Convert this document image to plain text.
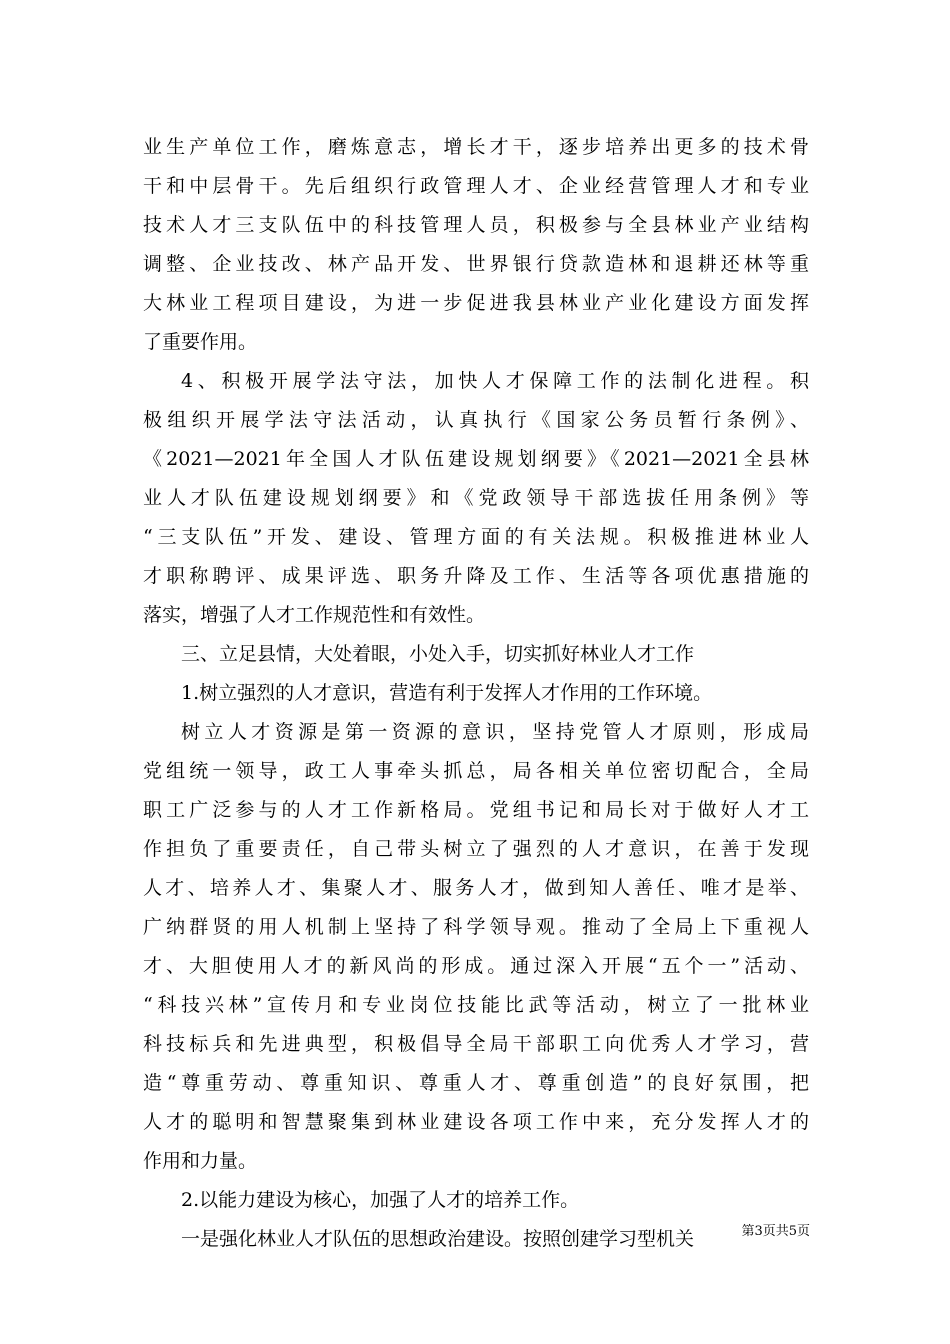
业生产单位工作，磨炼意志，增长才干，逐步培养出更多的技术骨
干和中层骨干。先后组织行政管理人才、企业经营管理人才和专业
技术人才三支队伍中的科技管理人员，积极参与全县林业产业结构
调整、企业技改、林产品开发、世界银行贷款造林和退耕还林等重
大林业工程项目建设，为进一步促进我县林业产业化建设方面发挥
了重要作用。
4、积极开展学法守法，加快人才保障工作的法制化进程。积
极组织开展学法守法活动，认真执行《国家公务员暂行条例》、
《2021—2021年全国人才队伍建设规划纲要》《2021—2021全县林
业人才队伍建设规划纲要》和《党政领导干部选拔任用条例》等
“三支队伍”开发、建设、管理方面的有关法规。积极推进林业人
才职称聘评、成果评选、职务升降及工作、生活等各项优惠措施的
落实，增强了人才工作规范性和有效性。
三、立足县情，大处着眼，小处入手，切实抓好林业人才工作
1.树立强烈的人才意识，营造有利于发挥人才作用的工作环境。
树立人才资源是第一资源的意识，坚持党管人才原则，形成局
党组统一领导，政工人事牵头抓总，局各相关单位密切配合，全局
职工广泛参与的人才工作新格局。党组书记和局长对于做好人才工
作担负了重要责任，自己带头树立了强烈的人才意识，在善于发现
人才、培养人才、集聚人才、服务人才，做到知人善任、唯才是举、
广纳群贤的用人机制上坚持了科学领导观。推动了全局上下重视人
才、大胆使用人才的新风尚的形成。通过深入开展“五个一”活动、
“科技兴林”宣传月和专业岗位技能比武等活动，树立了一批林业
科技标兵和先进典型，积极倡导全局干部职工向优秀人才学习，营
造“尊重劳动、尊重知识、尊重人才、尊重创造”的良好氛围，把
人才的聪明和智慧聚集到林业建设各项工作中来，充分发挥人才的
作用和力量。
2.以能力建设为核心，加强了人才的培养工作。
一是强化林业人才队伍的思想政治建设。按照创建学习型机关	第3页共5页
